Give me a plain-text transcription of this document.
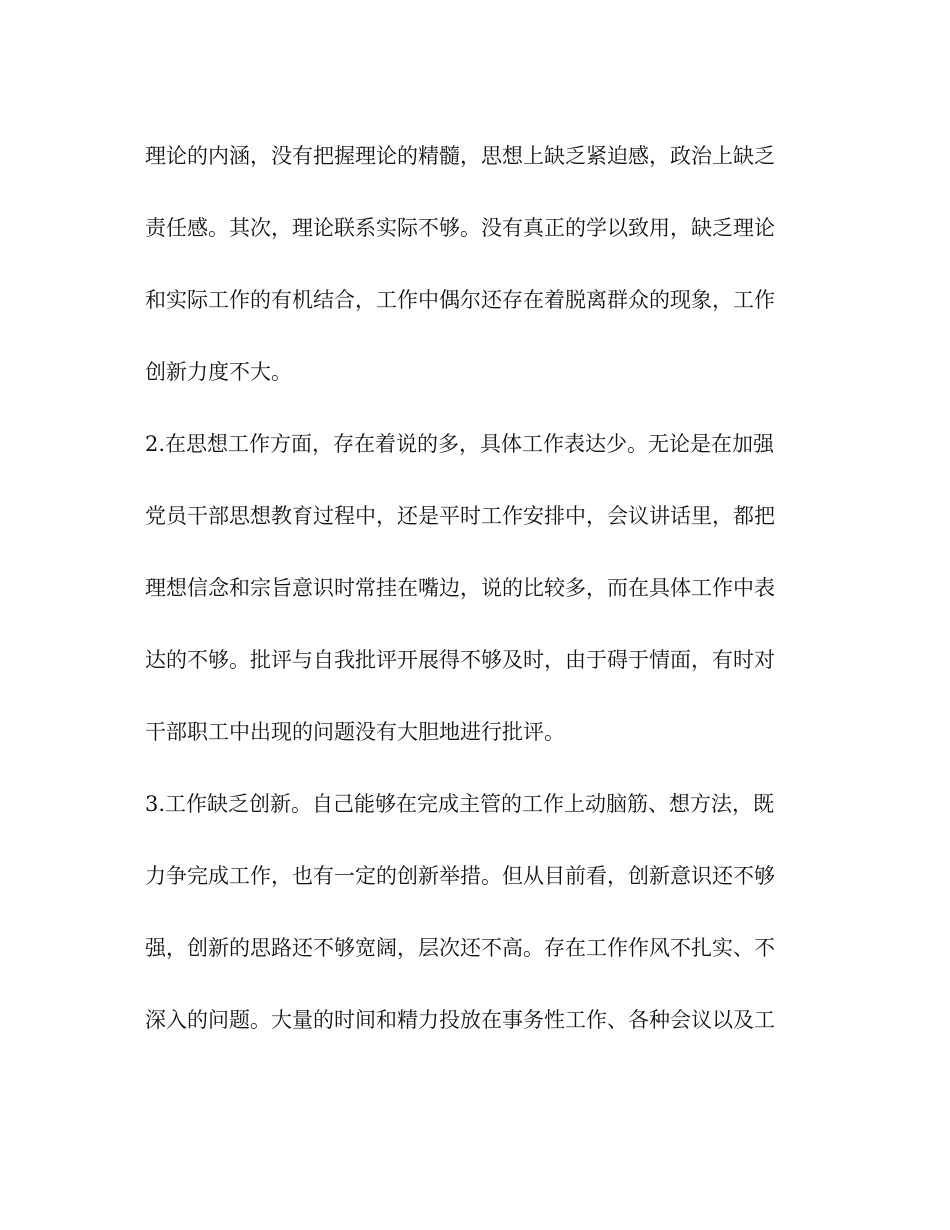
理论的内涵，没有把握理论的精髓，思想上缺乏紧迫感，政治上缺乏
责任感。其次，理论联系实际不够。没有真正的学以致用，缺乏理论
和实际工作的有机结合，工作中偶尔还存在着脱离群众的现象，工作
创新力度不大。
2.在思想工作方面，存在着说的多，具体工作表达少。无论是在加强
党员干部思想教育过程中，还是平时工作安排中，会议讲话里，都把
理想信念和宗旨意识时常挂在嘴边，说的比较多，而在具体工作中表
达的不够。批评与自我批评开展得不够及时，由于碍于情面，有时对
干部职工中出现的问题没有大胆地进行批评。
3.工作缺乏创新。自己能够在完成主管的工作上动脑筋、想方法，既
力争完成工作，也有一定的创新举措。但从目前看，创新意识还不够
强，创新的思路还不够宽阔，层次还不高。存在工作作风不扎实、不
深入的问题。大量的时间和精力投放在事务性工作、各种会议以及工
